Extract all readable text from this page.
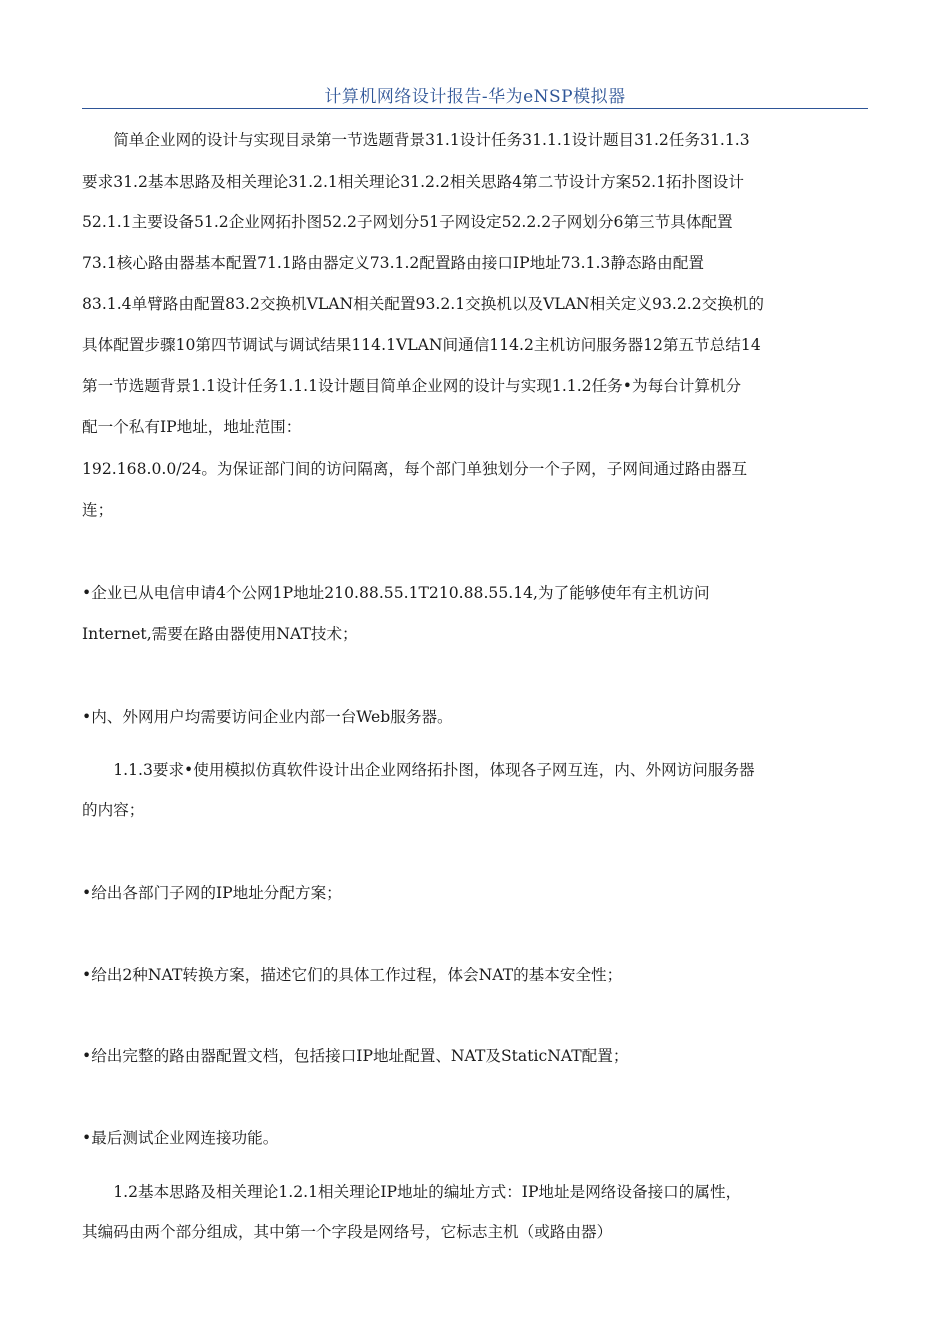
计算机网络设计报告-华为eNSP模拟器
　　简单企业网的设计与实现目录第一节选题背景31.1设计任务31.1.1设计题目31.2任务31.1.3
要求31.2基本思路及相关理论31.2.1相关理论31.2.2相关思路4第二节设计方案52.1拓扑图设计
52.1.1主要设备51.2企业网拓扑图52.2子网划分51子网设定52.2.2子网划分6第三节具体配置
73.1核心路由器基本配置71.1路由器定义73.1.2配置路由接口IP地址73.1.3静态路由配置
83.1.4单臂路由配置83.2交换机VLAN相关配置93.2.1交换机以及VLAN相关定义93.2.2交换机的
具体配置步骤10第四节调试与调试结果114.1VLAN间通信114.2主机访问服务器12第五节总结14
第一节选题背景1.1设计任务1.1.1设计题目简单企业网的设计与实现1.1.2任务•为每台计算机分
配一个私有IP地址，地址范围：
192.168.0.0/24。为保证部门间的访问隔离，每个部门单独划分一个子网，子网间通过路由器互
连；
•企业已从电信申请4个公网1P地址210.88.55.1T210.88.55.14,为了能够使年有主机访问
Internet,需要在路由器使用NAT技术；
•内、外网用户均需要访问企业内部一台Web服务器。
　　1.1.3要求•使用模拟仿真软件设计出企业网络拓扑图，体现各子网互连，内、外网访问服务器
的内容；
•给出各部门子网的IP地址分配方案；
•给出2种NAT转换方案，描述它们的具体工作过程，体会NAT的基本安全性；
•给出完整的路由器配置文档，包括接口IP地址配置、NAT及StaticNAT配置；
•最后测试企业网连接功能。
　　1.2基本思路及相关理论1.2.1相关理论IP地址的编址方式：IP地址是网络设备接口的属性，
其编码由两个部分组成，其中第一个字段是网络号，它标志主机（或路由器）
